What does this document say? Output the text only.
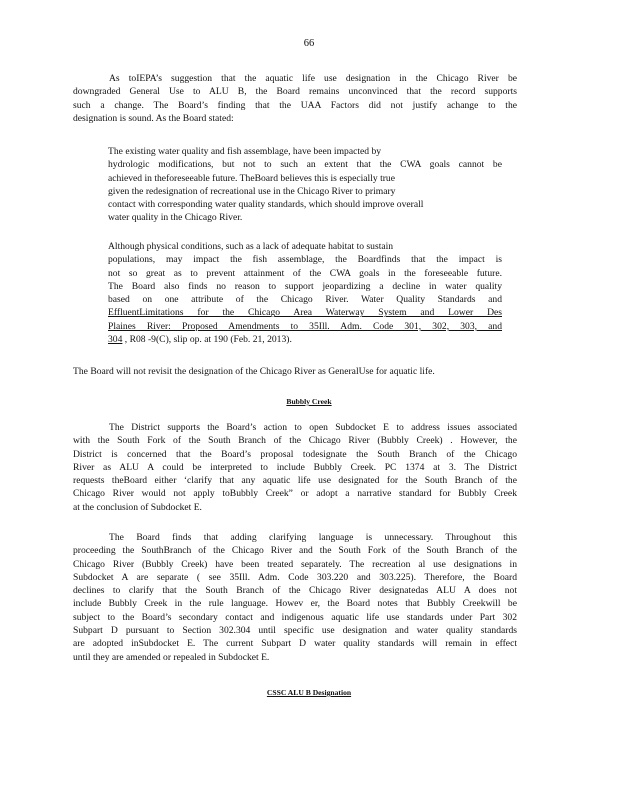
66
As toIEPA’s suggestion that the aquatic life use designation in the Chicago River be
downgraded General Use to ALU B, the Board remains unconvinced that the record supports
such a change. The Board’s finding that the UAA Factors did not justify achange to the
designation is sound. As the Board stated:
The existing water quality and fish assemblage, have been impacted by
hydrologic modifications, but not to such an extent that the CWA goals cannot be
achieved in theforeseeable future. TheBoard believes this is especially true
given the redesignation of recreational use in the Chicago River to primary
contact with corresponding water quality standards, which should improve overall
water quality in the Chicago River.
Although physical conditions, such as a lack of adequate habitat to sustain
populations, may impact the fish assemblage, the Boardfinds that the impact is
not so great as to prevent attainment of the CWA goals in the foreseeable future.
The Board also finds no reason to support jeopardizing a decline in water quality
based on one attribute of the Chicago River. Water Quality Standards and
EffluentLimitations for the Chicago Area Waterway System and Lower Des
Plaines River: Proposed Amendments to 35Ill. Adm. Code 301, 302, 303, and
304 , R08 -9(C), slip op. at 190 (Feb. 21, 2013).
The Board will not revisit the designation of the Chicago River as GeneralUse for aquatic life.
Bubbly Creek
The District supports the Board’s action to open Subdocket E to address issues associated
with the South Fork of the South Branch of the Chicago River (Bubbly Creek) . However, the
District is concerned that the Board’s proposal todesignate the South Branch of the Chicago
River as ALU A could be interpreted to include Bubbly Creek. PC 1374 at 3. The District
requests theBoard either ‘clarify that any aquatic life use designated for the South Branch of the
Chicago River would not apply toBubbly Creek” or adopt a narrative standard for Bubbly Creek
at the conclusion of Subdocket E.
The Board finds that adding clarifying language is unnecessary. Throughout this
proceeding the SouthBranch of the Chicago River and the South Fork of the South Branch of the
Chicago River (Bubbly Creek) have been treated separately. The recreation al use designations in
Subdocket A are separate ( see 35Ill. Adm. Code 303.220 and 303.225). Therefore, the Board
declines to clarify that the South Branch of the Chicago River designatedas ALU A does not
include Bubbly Creek in the rule language. Howev er, the Board notes that Bubbly Creekwill be
subject to the Board’s secondary contact and indigenous aquatic life use standards under Part 302
Subpart D pursuant to Section 302.304 until specific use designation and water quality standards
are adopted inSubdocket E. The current Subpart D water quality standards will remain in effect
until they are amended or repealed in Subdocket E.
CSSC ALU B Designation
